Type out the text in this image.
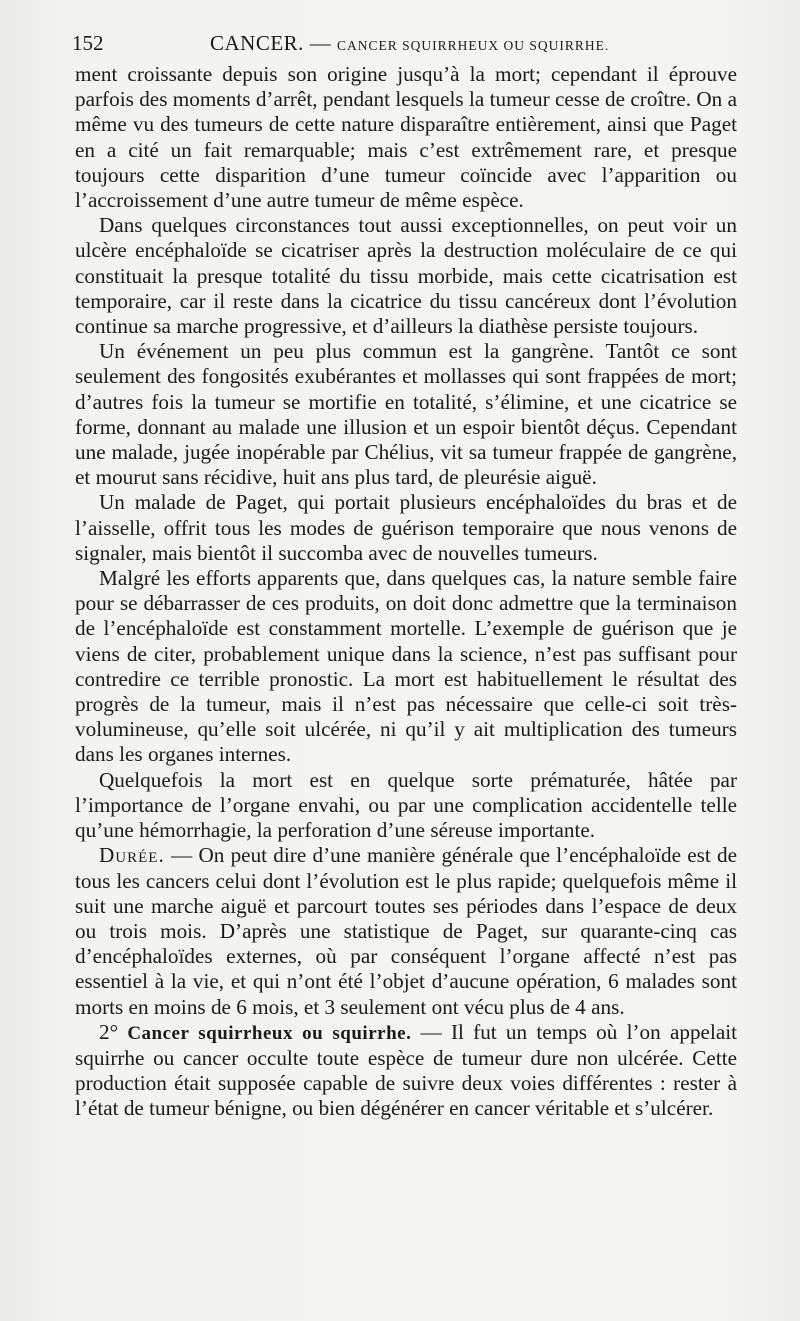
152	CANCER. — CANCER SQUIRRHEUX OU SQUIRRHE.

ment croissante depuis son origine jusqu’à la mort; cependant il éprouve parfois des moments d’arrêt, pendant lesquels la tumeur cesse de croître. On a même vu des tumeurs de cette nature disparaître entièrement, ainsi que Paget en a cité un fait remarquable; mais c’est extrêmement rare, et presque toujours cette disparition d’une tumeur coïncide avec l’apparition ou l’accroissement d’une autre tumeur de même espèce.

Dans quelques circonstances tout aussi exceptionnelles, on peut voir un ulcère encéphaloïde se cicatriser après la destruction moléculaire de ce qui constituait la presque totalité du tissu morbide, mais cette cicatrisation est temporaire, car il reste dans la cicatrice du tissu cancéreux dont l’évolution continue sa marche progressive, et d’ailleurs la diathèse persiste toujours.

Un événement un peu plus commun est la gangrène. Tantôt ce sont seulement des fongosités exubérantes et mollasses qui sont frappées de mort; d’autres fois la tumeur se mortifie en totalité, s’élimine, et une cicatrice se forme, donnant au malade une illusion et un espoir bientôt déçus. Cependant une malade, jugée inopérable par Chélius, vit sa tumeur frappée de gangrène, et mourut sans récidive, huit ans plus tard, de pleurésie aiguë.

Un malade de Paget, qui portait plusieurs encéphaloïdes du bras et de l’aisselle, offrit tous les modes de guérison temporaire que nous venons de signaler, mais bientôt il succomba avec de nouvelles tumeurs.

Malgré les efforts apparents que, dans quelques cas, la nature semble faire pour se débarrasser de ces produits, on doit donc admettre que la terminaison de l’encéphaloïde est constamment mortelle. L’exemple de guérison que je viens de citer, probablement unique dans la science, n’est pas suffisant pour contredire ce terrible pronostic. La mort est habituellement le résultat des progrès de la tumeur, mais il n’est pas nécessaire que celle-ci soit très-volumineuse, qu’elle soit ulcérée, ni qu’il y ait multiplication des tumeurs dans les organes internes.

Quelquefois la mort est en quelque sorte prématurée, hâtée par l’importance de l’organe envahi, ou par une complication accidentelle telle qu’une hémorrhagie, la perforation d’une séreuse importante.

Durée. — On peut dire d’une manière générale que l’encéphaloïde est de tous les cancers celui dont l’évolution est le plus rapide; quelquefois même il suit une marche aiguë et parcourt toutes ses périodes dans l’espace de deux ou trois mois. D’après une statistique de Paget, sur quarante-cinq cas d’encéphaloïdes externes, où par conséquent l’organe affecté n’est pas essentiel à la vie, et qui n’ont été l’objet d’aucune opération, 6 malades sont morts en moins de 6 mois, et 3 seulement ont vécu plus de 4 ans.

2° Cancer squirrheux ou squirrhe. — Il fut un temps où l’on appelait squirrhe ou cancer occulte toute espèce de tumeur dure non ulcérée. Cette production était supposée capable de suivre deux voies différentes : rester à l’état de tumeur bénigne, ou bien dégénérer en cancer véritable et s’ulcérer.
